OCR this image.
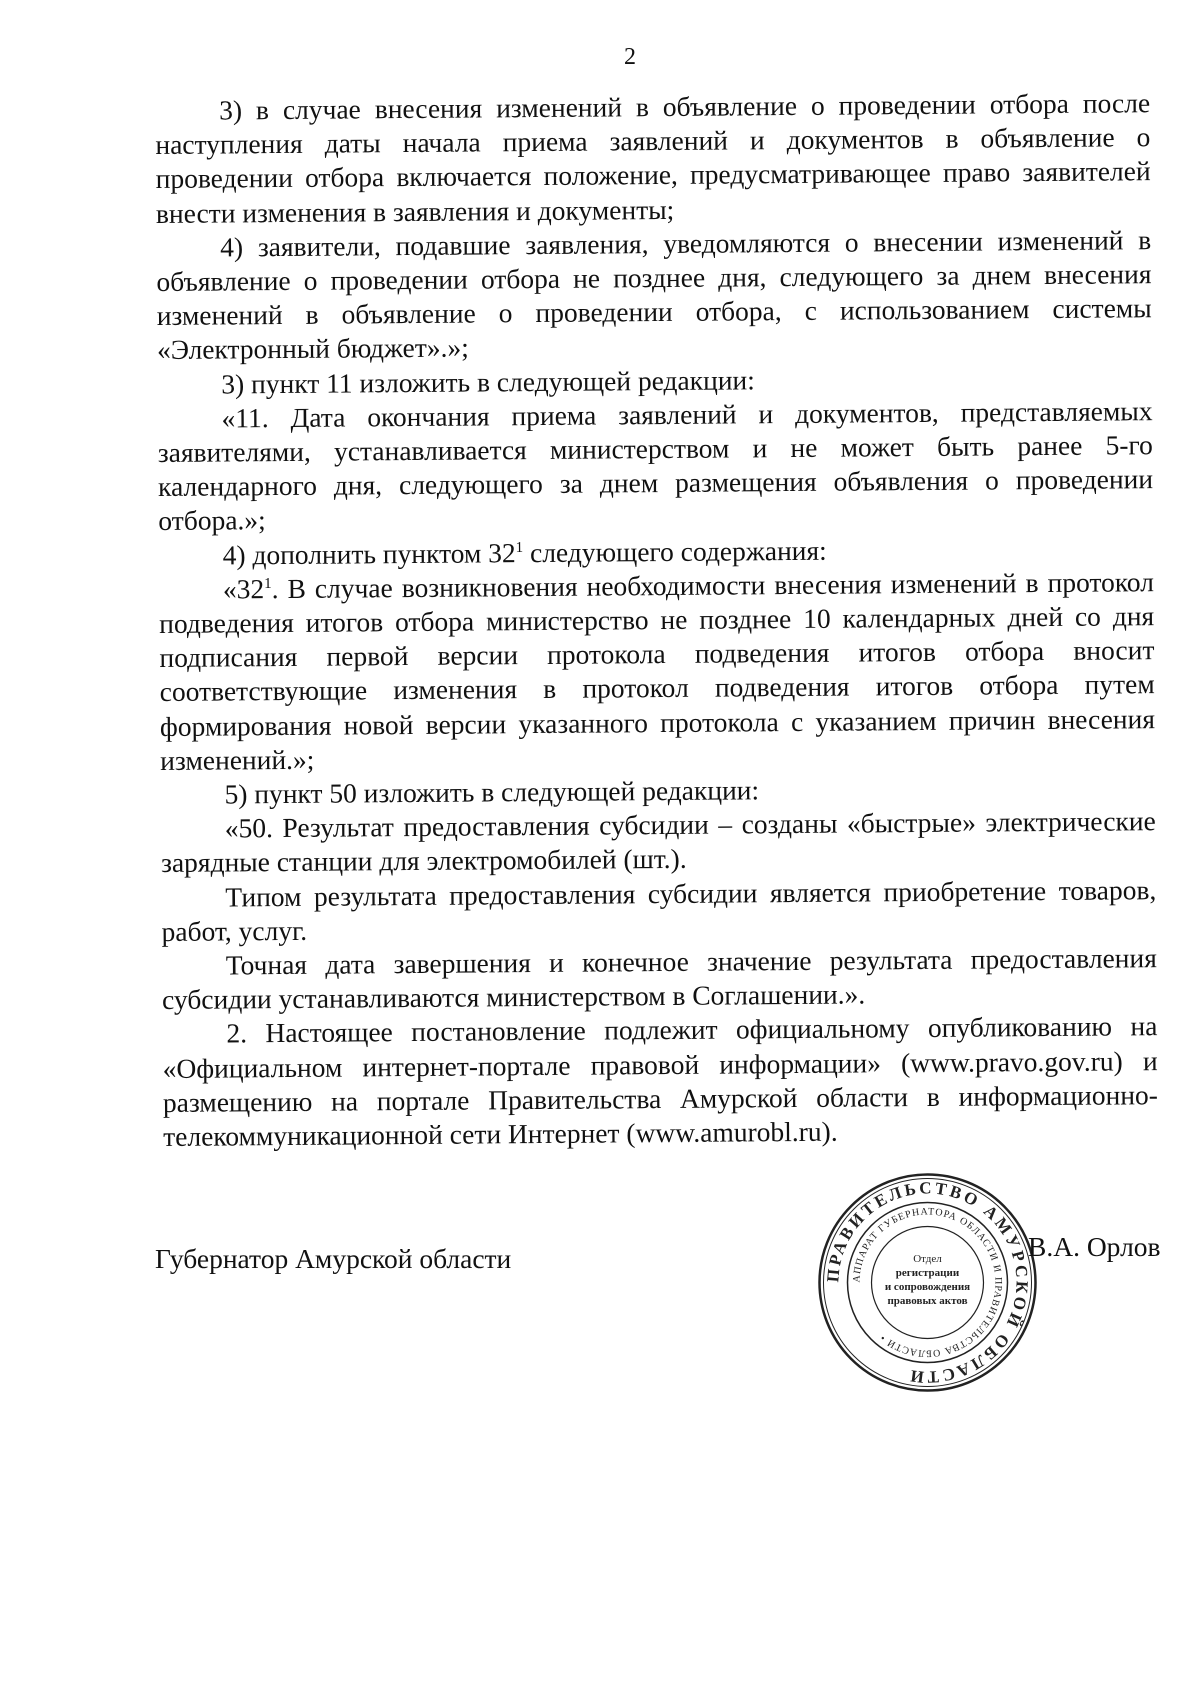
2

3) в случае внесения изменений в объявление о проведении отбора после наступления даты начала приема заявлений и документов в объявление о проведении отбора включается положение, предусматривающее право заявителей внести изменения в заявления и документы;

4) заявители, подавшие заявления, уведомляются о внесении изменений в объявление о проведении отбора не позднее дня, следующего за днем внесения изменений в объявление о проведении отбора, с использованием системы «Электронный бюджет».»;

3) пункт 11 изложить в следующей редакции:

«11. Дата окончания приема заявлений и документов, представляемых заявителями, устанавливается министерством и не может быть ранее 5-го календарного дня, следующего за днем размещения объявления о проведении отбора.»;

4) дополнить пунктом $32^1$ следующего содержания:

«$32^1$. В случае возникновения необходимости внесения изменений в протокол подведения итогов отбора министерство не позднее 10 календарных дней со дня подписания первой версии протокола подведения итогов отбора вносит соответствующие изменения в протокол подведения итогов отбора путем формирования новой версии указанного протокола с указанием причин внесения изменений.»;

5) пункт 50 изложить в следующей редакции:

«50. Результат предоставления субсидии – созданы «быстрые» электрические зарядные станции для электромобилей (шт.).

Типом результата предоставления субсидии является приобретение товаров, работ, услуг.

Точная дата завершения и конечное значение результата предоставления субсидии устанавливаются министерством в Соглашении.».

2. Настоящее постановление подлежит официальному опубликованию на «Официальном интернет-портале правовой информации» (www.pravo.gov.ru) и размещению на портале Правительства Амурской области в информационно-телекоммуникационной сети Интернет (www.amurobl.ru).

Губернатор Амурской области
ПРАВИТЕЛЬСТВО АМУРСКОЙ ОБЛАСТИ
АППАРАТ ГУБЕРНАТОРА ОБЛАСТИ И ПРАВИТЕЛЬСТВА ОБЛАСТИ •
Отдел
регистрации
и сопровождения
правовых актов
В.А. Орлов
